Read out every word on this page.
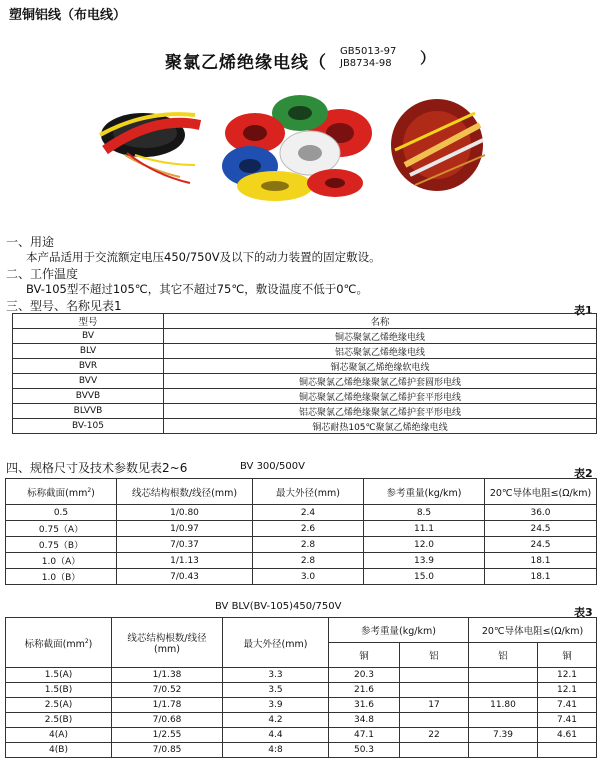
塑铜铝线（布电线）
聚氯乙烯绝缘电线（
GB5013-97
JB8734-98	）
一、用途
本产品适用于交流额定电压450/750V及以下的动力装置的固定敷设。
二、工作温度
BV-105型不超过105℃，其它不超过75℃，敷设温度不低于0℃。
三、型号、名称见表1	表1
型号	名称
BV	铜芯聚氯乙烯绝缘电线
BLV	铝芯聚氯乙烯绝缘电线
BVR	铜芯聚氯乙烯绝缘软电线
BVV	铜芯聚氯乙烯绝缘聚氯乙烯护套圆形电线
BVVB	铜芯聚氯乙烯绝缘聚氯乙烯护套平形电线
BLVVB	铝芯聚氯乙烯绝缘聚氯乙烯护套平形电线
BV-105	铜芯耐热105℃聚氯乙烯绝缘电线
四、规格尺寸及技术参数见表2~6	BV 300/500V
表2
标称截面$(mm^2)$	线芯结构根数/线径(mm)	最大外径(mm)	参考重量(kg/km)	20℃导体电阻≤(Ω/km)
0.5	1/0.80	2.4	8.5	36.0
0.75（A）	1/0.97	2.6	11.1	24.5
0.75（B）	7/0.37	2.8	12.0	24.5
1.0（A）	1/1.13	2.8	13.9	18.1
1.0（B）	7/0.43	3.0	15.0	18.1
BV BLV(BV-105)450/750V	表3
标称截面$(mm^2)$	线芯结构根数/线径
(mm)	最大外径(mm)	参考重量(kg/km)		20℃导体电阻≤(Ω/km)	
			铜	铝	铝	铜
1.5(A)	1/1.38	3.3	20.3			12.1
1.5(B)	7/0.52	3.5	21.6			12.1
2.5(A)	1/1.78	3.9	31.6	17	11.80	7.41
2.5(B)	7/0.68	4.2	34.8			7.41
4(A)	1/2.55	4.4	47.1	22	7.39	4.61
4(B)	7/0.85	4:8	50.3			
